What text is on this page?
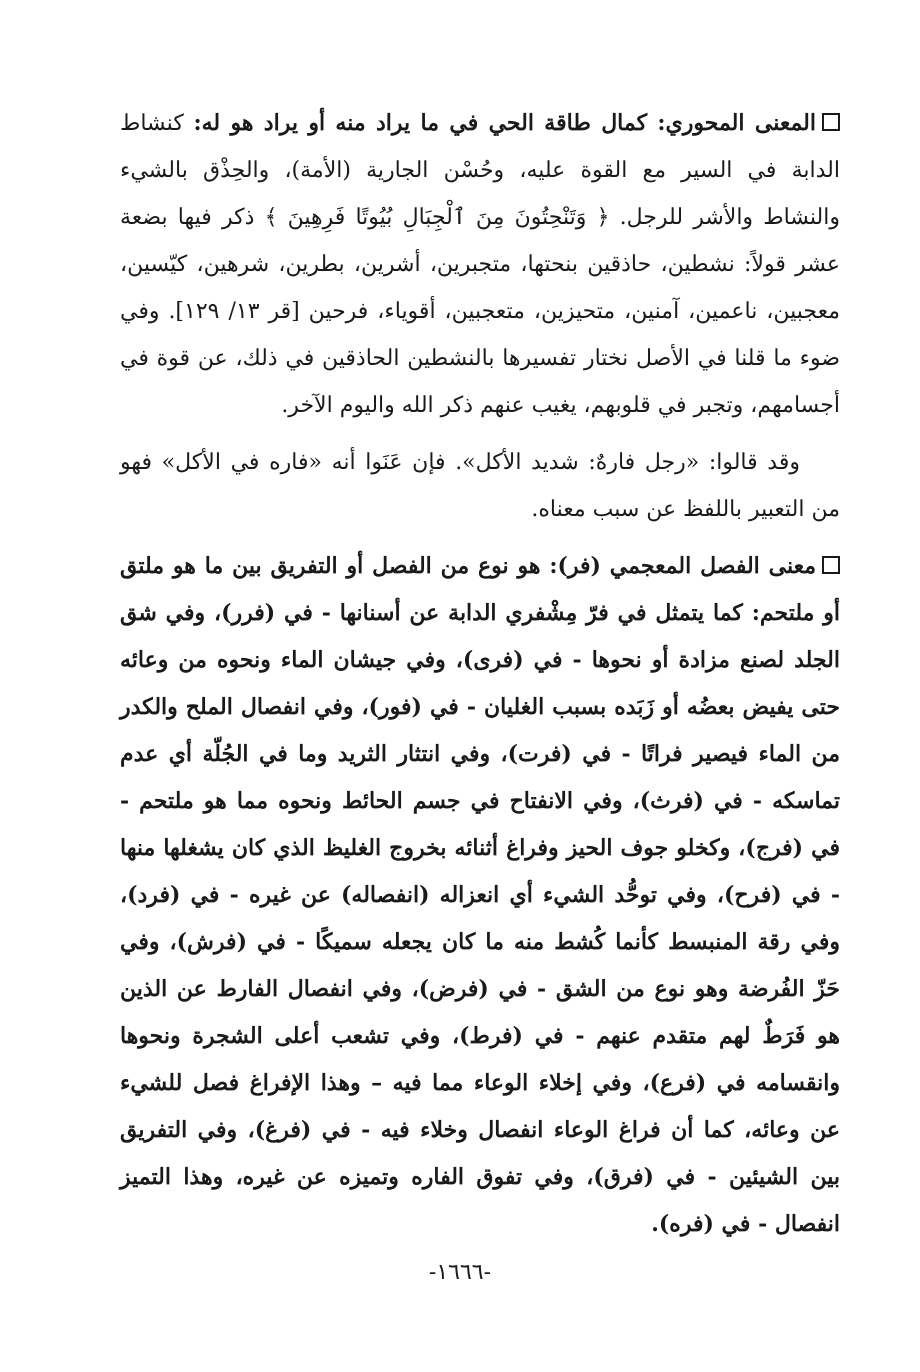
المعنى المحوري: كمال طاقة الحي في ما يراد منه أو يراد هو له: كنشاط الدابة في السير مع القوة عليه، وحُسْن الجارية (الأمة)، والحِذْق بالشيء والنشاط والأشر للرجل. ﴿ وَتَنْحِتُونَ مِنَ ٱلْجِبَالِ بُيُوتًا فَرِهِينَ ﴾ ذكر فيها بضعة عشر قولاً: نشطين، حاذقين بنحتها، متجبرين، أشرين، بطرين، شرهين، كيّسين، معجبين، ناعمين، آمنين، متحيزين، متعجبين، أقوياء، فرحين [قر ١٣/ ١٢٩]. وفي ضوء ما قلنا في الأصل نختار تفسيرها بالنشطين الحاذقين في ذلك، عن قوة في أجسامهم، وتجبر في قلوبهم، يغيب عنهم ذكر الله واليوم الآخر.

وقد قالوا: «رجل فارهٌ: شديد الأكل». فإن عَنَوا أنه «فاره في الأكل» فهو من التعبير باللفظ عن سبب معناه.

معنى الفصل المعجمي (فر): هو نوع من الفصل أو التفريق بين ما هو ملتق أو ملتحم: كما يتمثل في فرّ مِشْفري الدابة عن أسنانها - في (فرر)، وفي شق الجلد لصنع مزادة أو نحوها - في (فرى)، وفي جيشان الماء ونحوه من وعائه حتى يفيض بعضُه أو زَبَده بسبب الغليان - في (فور)، وفي انفصال الملح والكدر من الماء فيصير فراتًا - في (فرت)، وفي انتثار الثريد وما في الجُلّة أي عدم تماسكه - في (فرث)، وفي الانفتاح في جسم الحائط ونحوه مما هو ملتحم - في (فرج)، وكخلو جوف الحيز وفراغ أثنائه بخروج الغليظ الذي كان يشغلها منها - في (فرح)، وفي توحُّد الشيء أي انعزاله (انفصاله) عن غيره - في (فرد)، وفي رقة المنبسط كأنما كُشط منه ما كان يجعله سميكًا - في (فرش)، وفي حَزّ الفُرضة وهو نوع من الشق - في (فرض)، وفي انفصال الفارط عن الذين هو فَرَطٌ لهم متقدم عنهم - في (فرط)، وفي تشعب أعلى الشجرة ونحوها وانقسامه في (فرع)، وفي إخلاء الوعاء مما فيه – وهذا الإفراغ فصل للشيء عن وعائه، كما أن فراغ الوعاء انفصال وخلاء فيه - في (فرغ)، وفي التفريق بين الشيئين - في (فرق)، وفي تفوق الفاره وتميزه عن غيره، وهذا التميز انفصال - في (فره).

-١٦٦٦-
